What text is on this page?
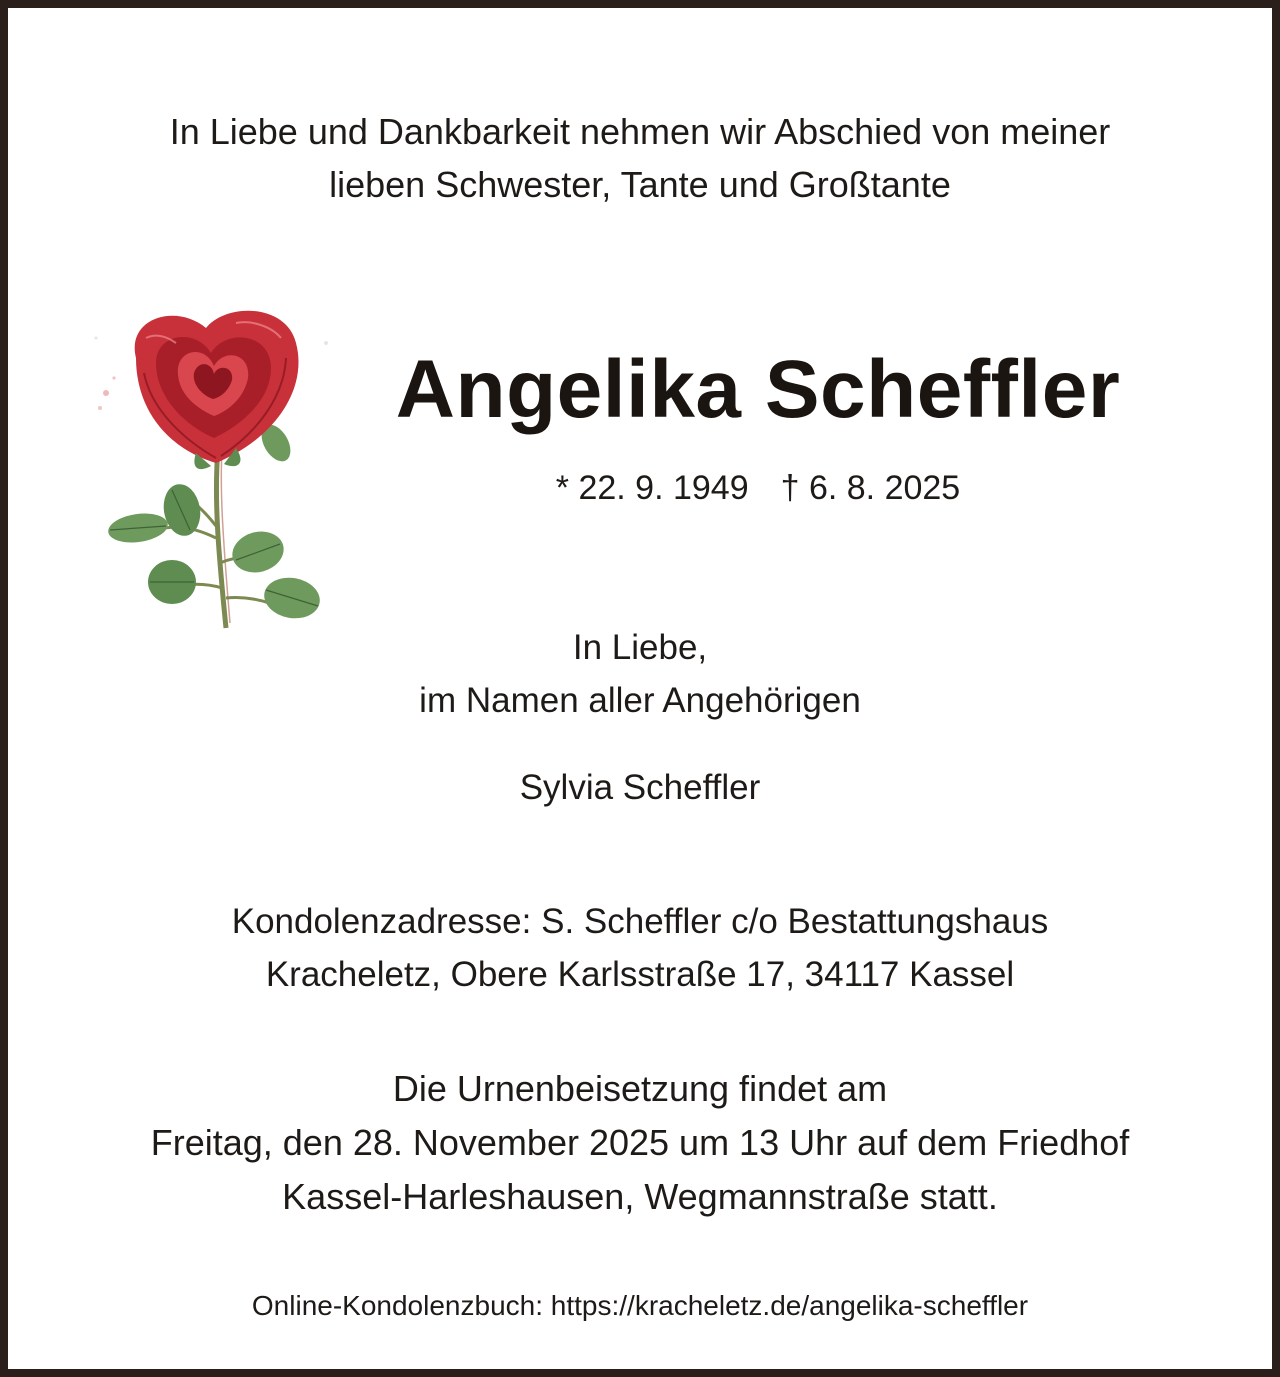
In Liebe und Dankbarkeit nehmen wir Abschied von meiner
lieben Schwester, Tante und Großtante
Angelika Scheffler
* 22. 9. 1949 † 6. 8. 2025
In Liebe,
im Namen aller Angehörigen
Sylvia Scheffler
Kondolenzadresse: S. Scheffler c/o Bestattungshaus
Kracheletz, Obere Karlsstraße 17, 34117 Kassel
Die Urnenbeisetzung findet am
Freitag, den 28. November 2025 um 13 Uhr auf dem Friedhof
Kassel-Harleshausen, Wegmannstraße statt.
Online-Kondolenzbuch: https://kracheletz.de/angelika-scheffler
